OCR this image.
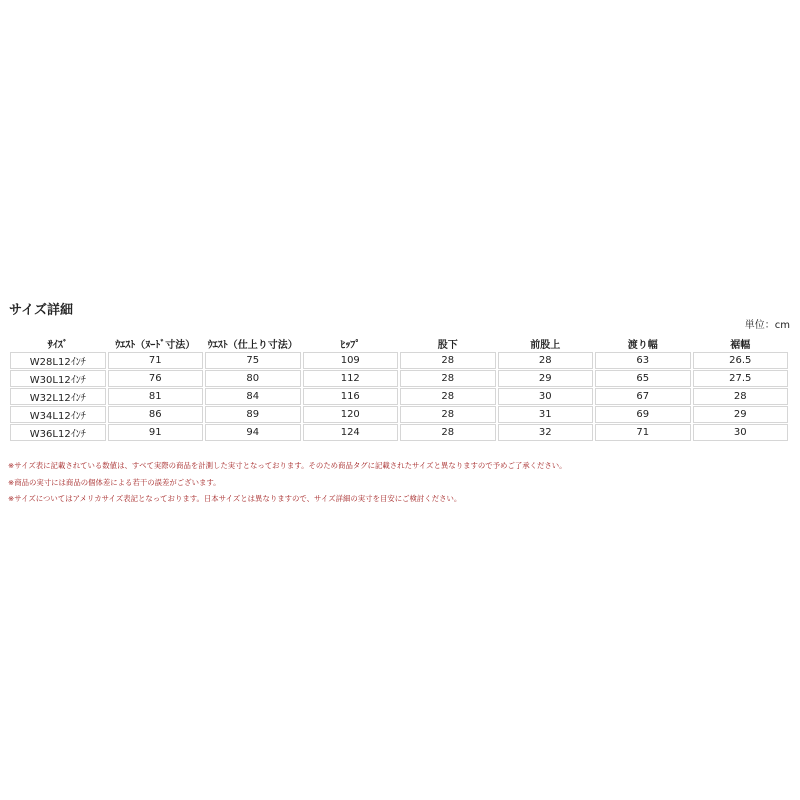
サイズ詳細
単位：cm
ｻｲｽﾞ	ｳｴｽﾄ（ﾇｰﾄﾞ寸法）	ｳｴｽﾄ（仕上り寸法）	ﾋｯﾌﾟ	股下	前股上	渡り幅	裾幅
W28L12ｲﾝﾁ	71	75	109	28	28	63	26.5
W30L12ｲﾝﾁ	76	80	112	28	29	65	27.5
W32L12ｲﾝﾁ	81	84	116	28	30	67	28
W34L12ｲﾝﾁ	86	89	120	28	31	69	29
W36L12ｲﾝﾁ	91	94	124	28	32	71	30
※サイズ表に記載されている数値は、すべて実際の商品を計測した実寸となっております。そのため商品タグに記載されたサイズと異なりますので予めご了承ください。
※商品の実寸には商品の個体差による若干の誤差がございます。
※サイズについてはアメリカサイズ表記となっております。日本サイズとは異なりますので、サイズ詳細の実寸を目安にご検討ください。
